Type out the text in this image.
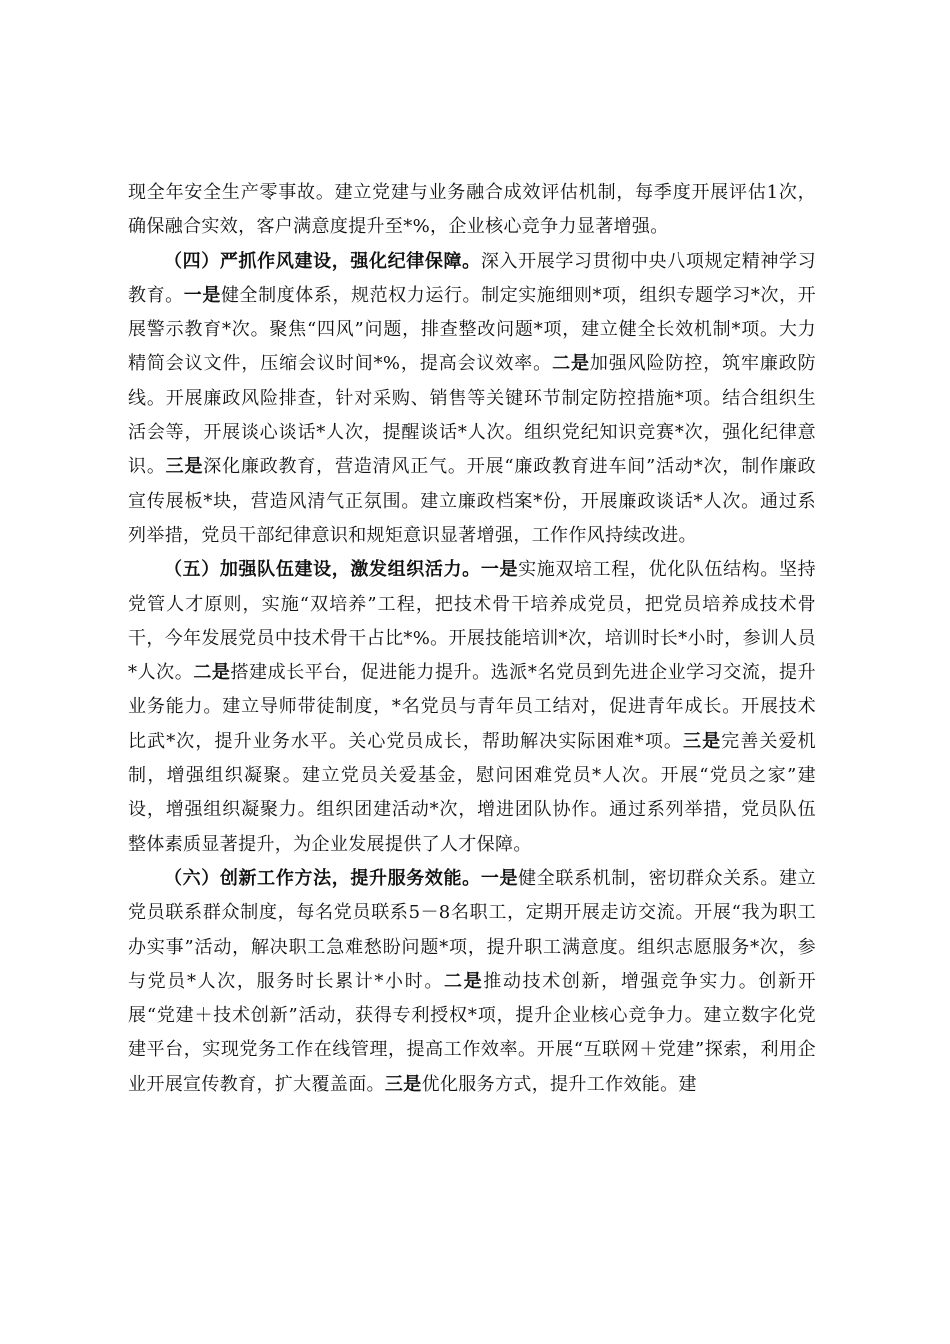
现全年安全生产零事故。建立党建与业务融合成效评估机制，每季度开展评估1次，确保融合实效，客户满意度提升至*%，企业核心竞争力显著增强。

（四）严抓作风建设，强化纪律保障。深入开展学习贯彻中央八项规定精神学习教育。一是健全制度体系，规范权力运行。制定实施细则*项，组织专题学习*次，开展警示教育*次。聚焦“四风”问题，排查整改问题*项，建立健全长效机制*项。大力精简会议文件，压缩会议时间*%，提高会议效率。二是加强风险防控，筑牢廉政防线。开展廉政风险排查，针对采购、销售等关键环节制定防控措施*项。结合组织生活会等，开展谈心谈话*人次，提醒谈话*人次。组织党纪知识竞赛*次，强化纪律意识。三是深化廉政教育，营造清风正气。开展“廉政教育进车间”活动*次，制作廉政宣传展板*块，营造风清气正氛围。建立廉政档案*份，开展廉政谈话*人次。通过系列举措，党员干部纪律意识和规矩意识显著增强，工作作风持续改进。

（五）加强队伍建设，激发组织活力。一是实施双培工程，优化队伍结构。坚持党管人才原则，实施“双培养”工程，把技术骨干培养成党员，把党员培养成技术骨干，今年发展党员中技术骨干占比*%。开展技能培训*次，培训时长*小时，参训人员*人次。二是搭建成长平台，促进能力提升。选派*名党员到先进企业学习交流，提升业务能力。建立导师带徒制度，*名党员与青年员工结对，促进青年成长。开展技术比武*次，提升业务水平。关心党员成长，帮助解决实际困难*项。三是完善关爱机制，增强组织凝聚。建立党员关爱基金，慰问困难党员*人次。开展“党员之家”建设，增强组织凝聚力。组织团建活动*次，增进团队协作。通过系列举措，党员队伍整体素质显著提升，为企业发展提供了人才保障。

（六）创新工作方法，提升服务效能。一是健全联系机制，密切群众关系。建立党员联系群众制度，每名党员联系5－8名职工，定期开展走访交流。开展“我为职工办实事”活动，解决职工急难愁盼问题*项，提升职工满意度。组织志愿服务*次，参与党员*人次，服务时长累计*小时。二是推动技术创新，增强竞争实力。创新开展“党建＋技术创新”活动，获得专利授权*项，提升企业核心竞争力。建立数字化党建平台，实现党务工作在线管理，提高工作效率。开展“互联网＋党建”探索，利用企业开展宣传教育，扩大覆盖面。三是优化服务方式，提升工作效能。建
